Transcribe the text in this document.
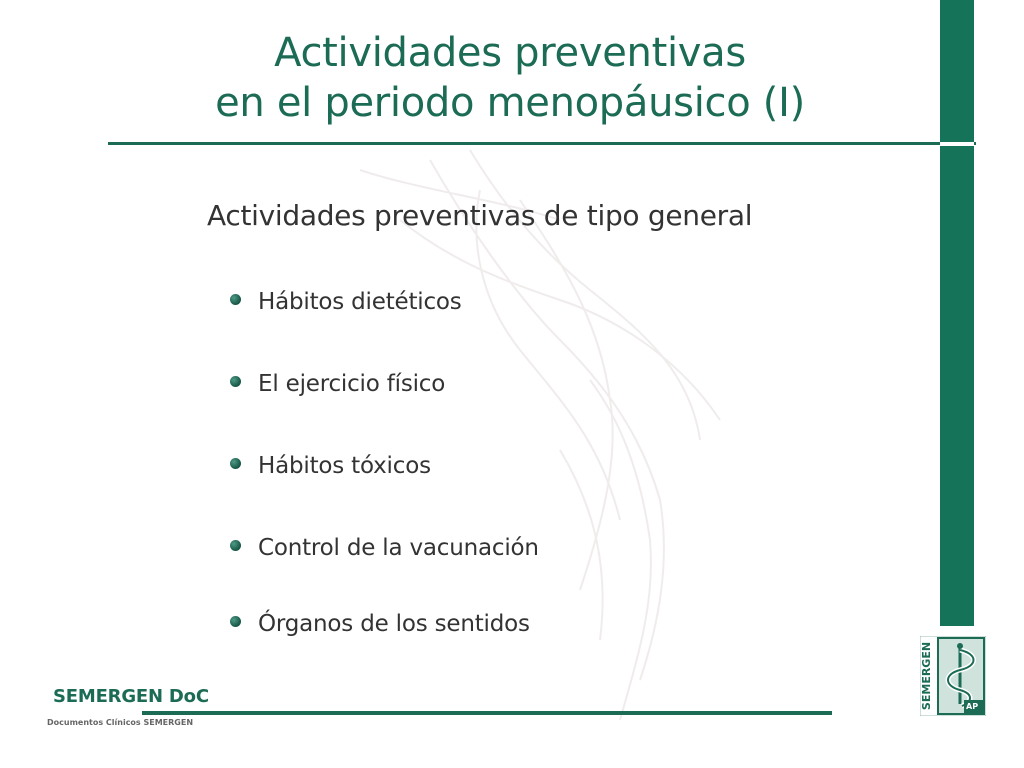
Actividades preventivas
en el periodo menopáusico (I)
Actividades preventivas de tipo general
Hábitos dietéticos
El ejercicio físico
Hábitos tóxicos
Control de la vacunación
Órganos de los sentidos
SEMERGEN DoC
Documentos Clínicos SEMERGEN
SEMERGEN	AP
